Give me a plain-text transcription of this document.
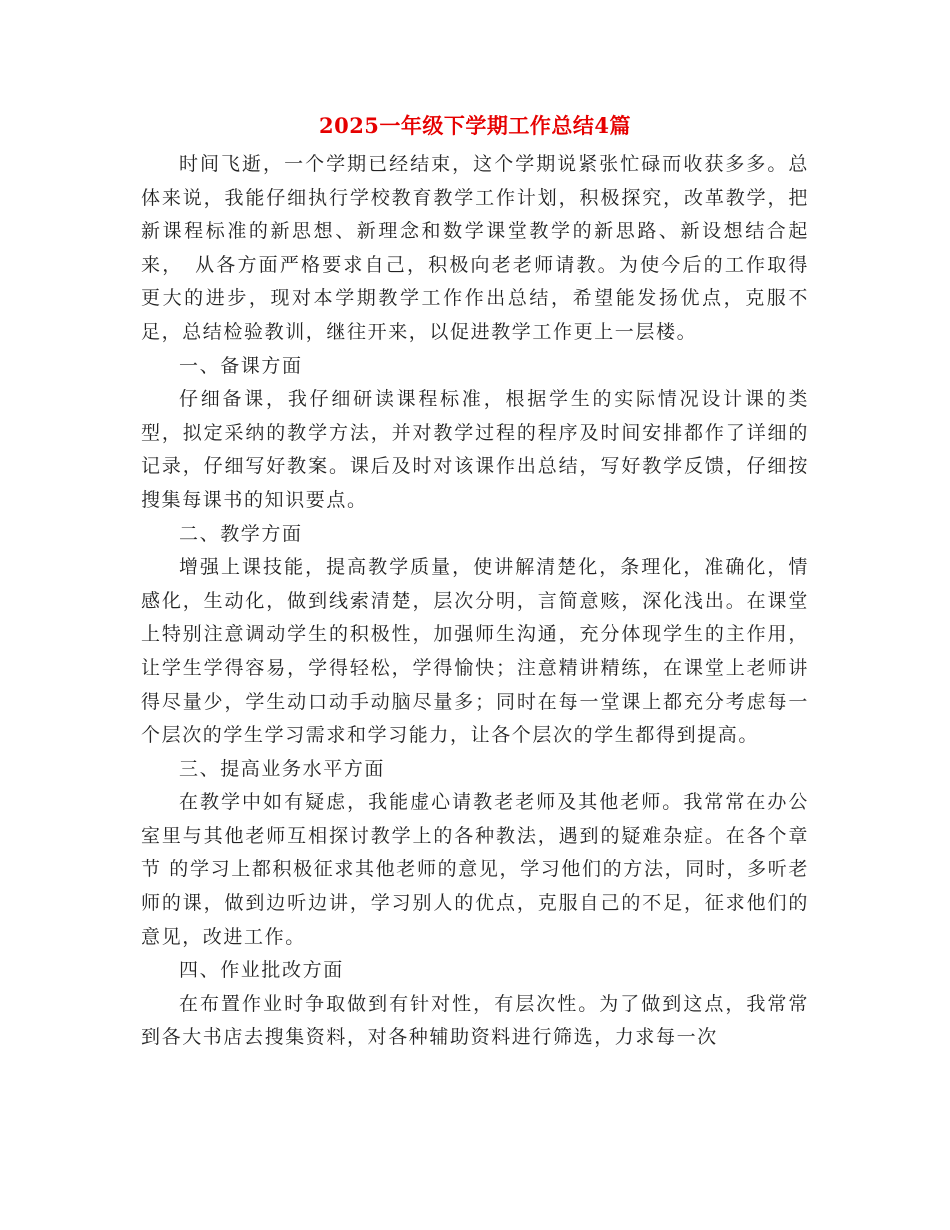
2025一年级下学期工作总结4篇

时间飞逝，一个学期已经结束，这个学期说紧张忙碌而收获多多。总体来说，我能仔细执行学校教育教学工作计划，积极探究，改革教学，把新课程标准的新思想、新理念和数学课堂教学的新思路、新设想结合起来，　从各方面严格要求自己，积极向老老师请教。为使今后的工作取得更大的进步，现对本学期教学工作作出总结，希望能发扬优点，克服不足，总结检验教训，继往开来，以促进教学工作更上一层楼。

一、备课方面

仔细备课，我仔细研读课程标准，根据学生的实际情况设计课的类型，拟定采纳的教学方法，并对教学过程的程序及时间安排都作了详细的记录，仔细写好教案。课后及时对该课作出总结，写好教学反馈，仔细按搜集每课书的知识要点。

二、教学方面

增强上课技能，提高教学质量，使讲解清楚化，条理化，准确化，情感化，生动化，做到线索清楚，层次分明，言简意赅，深化浅出。在课堂上特别注意调动学生的积极性，加强师生沟通，充分体现学生的主作用，让学生学得容易，学得轻松，学得愉快；注意精讲精练，在课堂上老师讲得尽量少，学生动口动手动脑尽量多；同时在每一堂课上都充分考虑每一个层次的学生学习需求和学习能力，让各个层次的学生都得到提高。

三、提高业务水平方面

在教学中如有疑虑，我能虚心请教老老师及其他老师。我常常在办公室里与其他老师互相探讨教学上的各种教法，遇到的疑难杂症。在各个章节 的学习上都积极征求其他老师的意见，学习他们的方法，同时，多听老师的课，做到边听边讲，学习别人的优点，克服自己的不足，征求他们的意见，改进工作。

四、作业批改方面

在布置作业时争取做到有针对性，有层次性。为了做到这点，我常常到各大书店去搜集资料，对各种辅助资料进行筛选，力求每一次
